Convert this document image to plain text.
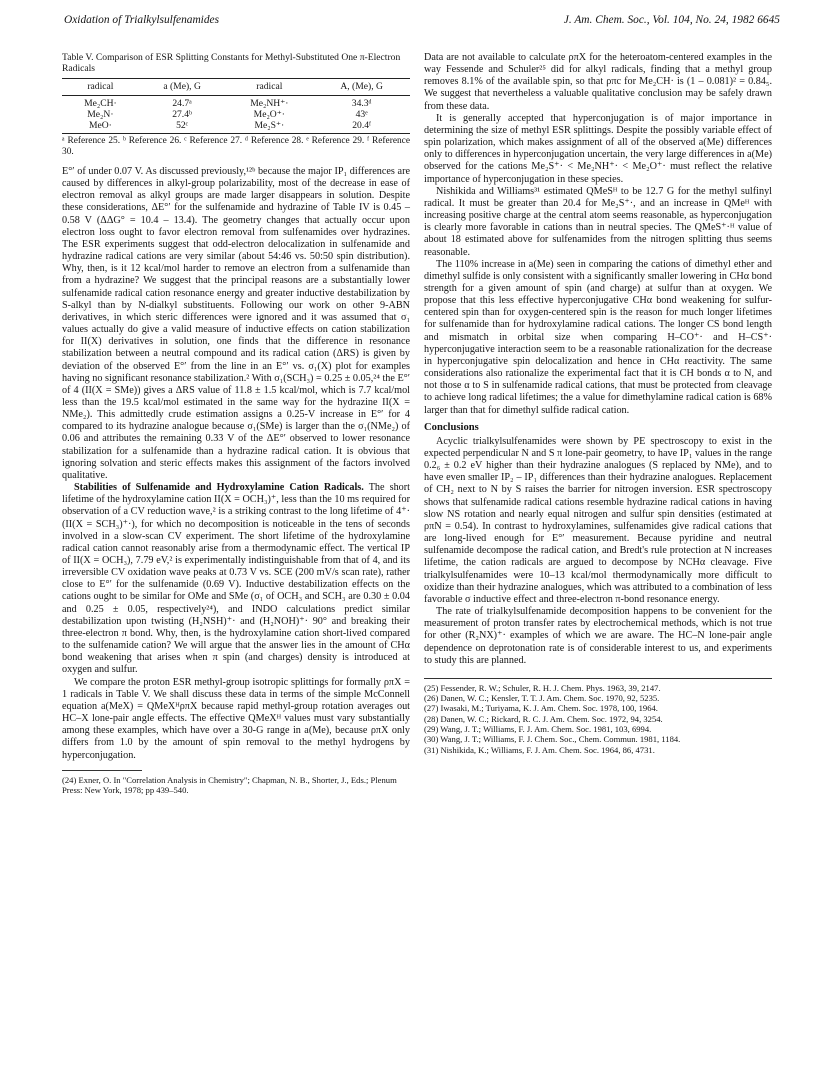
Oxidation of Trialkylsulfenamides	J. Am. Chem. Soc., Vol. 104, No. 24, 1982 6645

Table V. Comparison of ESR Splitting Constants for Methyl-Substituted One π-Electron Radicals

radical	a (Me), G	radical	A, (Me), G
Me₂CH·	24.7ᵃ	Me₂NH⁺·	34.3ᵈ
Me₂N·	27.4ᵇ	Me₂O⁺·	43ᵉ
MeO·	52ᶜ	Me₂S⁺·	20.4ᶠ

ᵃ Reference 25. ᵇ Reference 26. ᶜ Reference 27. ᵈ Reference 28. ᵉ Reference 29. ᶠ Reference 30.

E°′ of under 0.07 V. As discussed previously,¹²ᵇ because the major IP₁ differences are caused by differences in alkyl-group polarizability, most of the decrease in ease of electron removal as alkyl groups are made larger disappears in solution. Despite these considerations, ΔE°′ for the sulfenamide and hydrazine of Table IV is 0.45 – 0.58 V (ΔΔG° = 10.4 – 13.4). The geometry changes that actually occur upon electron loss ought to favor electron removal from sulfenamides over hydrazines. The ESR experiments suggest that odd-electron delocalization in sulfenamide and hydrazine radical cations are very similar (about 54:46 vs. 50:50 spin distribution). Why, then, is it 12 kcal/mol harder to remove an electron from a sulfenamide than from a hydrazine? We suggest that the principal reasons are a substantially lower sulfenamide radical cation resonance energy and greater inductive destabilization by S-alkyl than by N-dialkyl substituents. Following our work on other 9-ABN derivatives, in which steric differences were ignored and it was assumed that σ₁ values actually do give a valid measure of inductive effects on cation stabilization for II(X) derivatives in solution, one finds that the difference in resonance stabilization between a neutral compound and its radical cation (ΔRS) is given by deviation of the observed E°′ from the line in an E°′ vs. σ₁(X) plot for examples having no significant resonance stabilization.² With σ₁(SCH₃) = 0.25 ± 0.05,²⁴ the E°′ of 4 (II(X = SMe)) gives a ΔRS value of 11.8 ± 1.5 kcal/mol, which is 7.7 kcal/mol less than the 19.5 kcal/mol estimated in the same way for the hydrazine II(X = NMe₂). This admittedly crude estimation assigns a 0.25-V increase in E°′ for 4 compared to its hydrazine analogue because σ₁(SMe) is larger than the σ₁(NMe₂) of 0.06 and attributes the remaining 0.33 V of the ΔE°′ observed to lower resonance stabilization for a sulfenamide than a hydrazine radical cation. It is obvious that ignoring solvation and steric effects makes this assignment of the factors involved qualitative.

Stabilities of Sulfenamide and Hydroxylamine Cation Radicals. The short lifetime of the hydroxylamine cation II(X = OCH₃)⁺, less than the 10 ms required for observation of a CV reduction wave,² is a striking contrast to the long lifetime of 4⁺· (II(X = SCH₃)⁺·), for which no decomposition is noticeable in the tens of seconds involved in a slow-scan CV experiment. The short lifetime of the hydroxylamine radical cation cannot reasonably arise from a thermodynamic effect. The vertical IP of II(X = OCH₃), 7.79 eV,² is experimentally indistinguishable from that of 4, and its irreversible CV oxidation wave peaks at 0.73 V vs. SCE (200 mV/s scan rate), rather close to E°′ for the sulfenamide (0.69 V). Inductive destabilization effects on the cations ought to be similar for OMe and SMe (σ₁ of OCH₃ and SCH₃ are 0.30 ± 0.04 and 0.25 ± 0.05, respectively²⁴), and INDO calculations predict similar destabilization upon twisting (H₂NSH)⁺· and (H₂NOH)⁺· 90° and breaking their three-electron π bond. Why, then, is the hydroxylamine cation short-lived compared to the sulfenamide cation? We will argue that the answer lies in the amount of CHα bond weakening that arises when π spin (and charges) density is introduced at oxygen and sulfur.

We compare the proton ESR methyl-group isotropic splittings for formally ρπX = 1 radicals in Table V. We shall discuss these data in terms of the simple McConnell equation a(MeX) = QMeXᴴρπX because rapid methyl-group rotation averages out HC–X lone-pair angle effects. The effective QMeXᴴ values must vary substantially among these examples, which have over a 30-G range in a(Me), because ρπX only differs from 1.0 by the amount of spin removal to the methyl hydrogens by hyperconjugation.

(24) Exner, O. In "Correlation Analysis in Chemistry"; Chapman, N. B., Shorter, J., Eds.; Plenum Press: New York, 1978; pp 439–540.

Data are not available to calculate ρπX for the heteroatom-centered examples in the way Fessende and Schuler²⁵ did for alkyl radicals, finding that a methyl group removes 8.1% of the available spin, so that ρπc for Me₂CH· is (1 – 0.081)² = 0.84₅. We suggest that nevertheless a valuable qualitative conclusion may be safely drawn from these data.

It is generally accepted that hyperconjugation is of major importance in determining the size of methyl ESR splittings. Despite the possibly variable effect of spin polarization, which makes assignment of all of the observed a(Me) differences only to differences in hyperconjugation uncertain, the very large differences in a(Me) observed for the cations Me₂S⁺· < Me₂NH⁺· < Me₂O⁺· must reflect the relative importance of hyperconjugation in these species.

Nishikida and Williams³¹ estimated QMeSᴴ to be 12.7 G for the methyl sulfinyl radical. It must be greater than 20.4 for Me₂S⁺·, and an increase in QMeᴴ with increasing positive charge at the central atom seems reasonable, as hyperconjugation is clearly more favorable in cations than in neutral species. The QMeS⁺·ᴴ value of about 18 estimated above for sulfenamides from the nitrogen splitting thus seems reasonable.

The 110% increase in a(Me) seen in comparing the cations of dimethyl ether and dimethyl sulfide is only consistent with a significantly smaller lowering in CHα bond strength for a given amount of spin (and charge) at sulfur than at oxygen. We propose that this less effective hyperconjugative CHα bond weakening for sulfur-centered spin than for oxygen-centered spin is the reason for much longer lifetimes for sulfenamide than for hydroxylamine radical cations. The longer CS bond length and mismatch in orbital size when comparing H–CO⁺· and H–CS⁺· hyperconjugative interaction seem to be a reasonable rationalization for the decrease in hyperconjugative spin delocalization and hence in CHα reactivity. The same considerations also rationalize the experimental fact that it is CH bonds α to N, and not those α to S in sulfenamide radical cations, that must be protected from cleavage to achieve long radical lifetimes; the a value for dimethylamine radical cation is 68% larger than that for dimethyl sulfide radical cation.

Conclusions

Acyclic trialkylsulfenamides were shown by PE spectroscopy to exist in the expected perpendicular N and S π lone-pair geometry, to have IP₁ values in the range 0.2₆ ± 0.2 eV higher than their hydrazine analogues (S replaced by NMe), and to have even smaller IP₂ – IP₁ differences than their hydrazine analogues. Replacement of CH₂ next to N by S raises the barrier for nitrogen inversion. ESR spectroscopy shows that sulfenamide radical cations resemble hydrazine radical cations in having slow NS rotation and nearly equal nitrogen and sulfur spin densities (estimated at ρπN = 0.54). In contrast to hydroxylamines, sulfenamides give radical cations that are long-lived enough for E°′ measurement. Because pyridine and neutral sulfenamide decompose the radical cation, and Bredt's rule protection at N increases lifetime, the cation radicals are argued to decompose by NCHα cleavage. Five trialkylsulfenamides were 10–13 kcal/mol thermodynamically more difficult to oxidize than their hydrazine analogues, which was attributed to a combination of less favorable σ inductive effect and three-electron π-bond resonance energy.

The rate of trialkylsulfenamide decomposition happens to be convenient for the measurement of proton transfer rates by electrochemical methods, which is not true for other (R₂NX)⁺· examples of which we are aware. The HC–N lone-pair angle dependence on deprotonation rate is of considerable interest to us, and experiments to study this are planned.

(25) Fessender, R. W.; Schuler, R. H. J. Chem. Phys. 1963, 39, 2147.

(26) Danen, W. C.; Kensler, T. T. J. Am. Chem. Soc. 1970, 92, 5235.

(27) Iwasaki, M.; Turiyama, K. J. Am. Chem. Soc. 1978, 100, 1964.

(28) Danen, W. C.; Rickard, R. C. J. Am. Chem. Soc. 1972, 94, 3254.

(29) Wang, J. T.; Williams, F. J. Am. Chem. Soc. 1981, 103, 6994.

(30) Wang, J. T.; Williams, F. J. Chem. Soc., Chem. Commun. 1981, 1184.

(31) Nishikida, K.; Williams, F. J. Am. Chem. Soc. 1964, 86, 4731.
